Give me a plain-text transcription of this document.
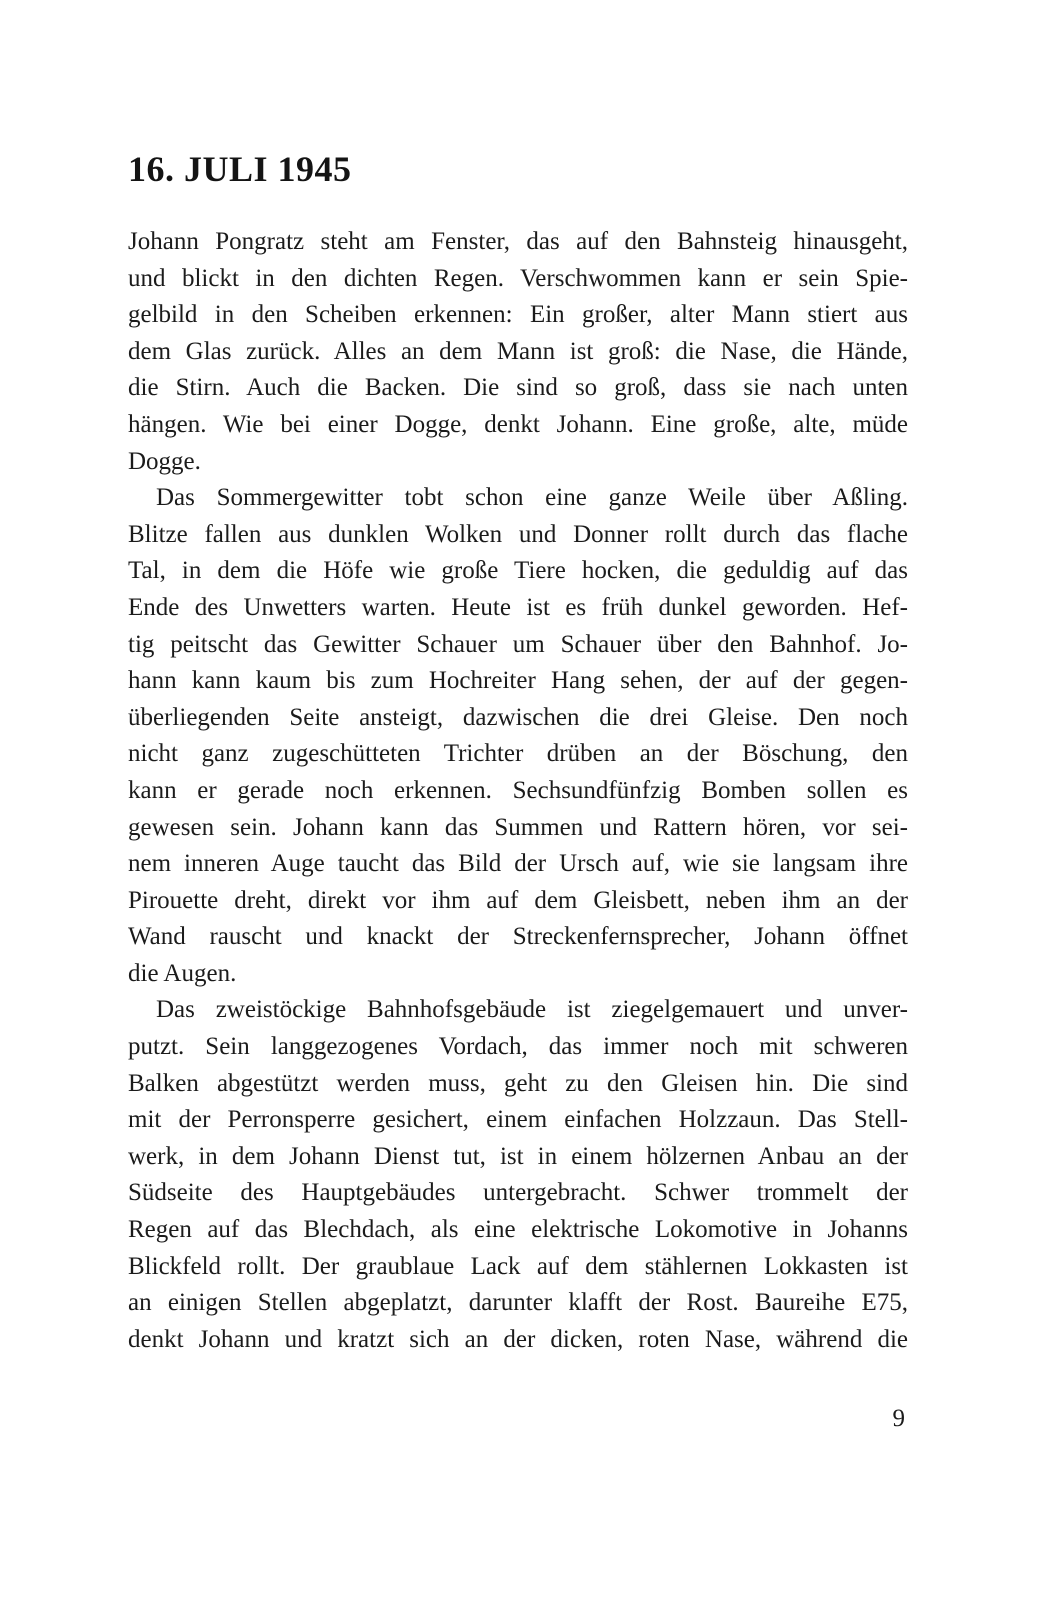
16. JULI 1945
Johann Pongratz steht am Fenster, das auf den Bahnsteig hinausgeht,
und blickt in den dichten Regen. Verschwommen kann er sein Spie-
gelbild in den Scheiben erkennen: Ein großer, alter Mann stiert aus
dem Glas zurück. Alles an dem Mann ist groß: die Nase, die Hände,
die Stirn. Auch die Backen. Die sind so groß, dass sie nach unten
hängen. Wie bei einer Dogge, denkt Johann. Eine große, alte, müde
Dogge.
Das Sommergewitter tobt schon eine ganze Weile über Aßling.
Blitze fallen aus dunklen Wolken und Donner rollt durch das flache
Tal, in dem die Höfe wie große Tiere hocken, die geduldig auf das
Ende des Unwetters warten. Heute ist es früh dunkel geworden. Hef-
tig peitscht das Gewitter Schauer um Schauer über den Bahnhof. Jo-
hann kann kaum bis zum Hochreiter Hang sehen, der auf der gegen-
überliegenden Seite ansteigt, dazwischen die drei Gleise. Den noch
nicht ganz zugeschütteten Trichter drüben an der Böschung, den
kann er gerade noch erkennen. Sechsundfünfzig Bomben sollen es
gewesen sein. Johann kann das Summen und Rattern hören, vor sei-
nem inneren Auge taucht das Bild der Ursch auf, wie sie langsam ihre
Pirouette dreht, direkt vor ihm auf dem Gleisbett, neben ihm an der
Wand rauscht und knackt der Streckenfernsprecher, Johann öffnet
die Augen.
Das zweistöckige Bahnhofsgebäude ist ziegelgemauert und unver-
putzt. Sein langgezogenes Vordach, das immer noch mit schweren
Balken abgestützt werden muss, geht zu den Gleisen hin. Die sind
mit der Perronsperre gesichert, einem einfachen Holzzaun. Das Stell-
werk, in dem Johann Dienst tut, ist in einem hölzernen Anbau an der
Südseite des Hauptgebäudes untergebracht. Schwer trommelt der
Regen auf das Blechdach, als eine elektrische Lokomotive in Johanns
Blickfeld rollt. Der graublaue Lack auf dem stählernen Lokkasten ist
an einigen Stellen abgeplatzt, darunter klafft der Rost. Baureihe E75,
denkt Johann und kratzt sich an der dicken, roten Nase, während die
9
